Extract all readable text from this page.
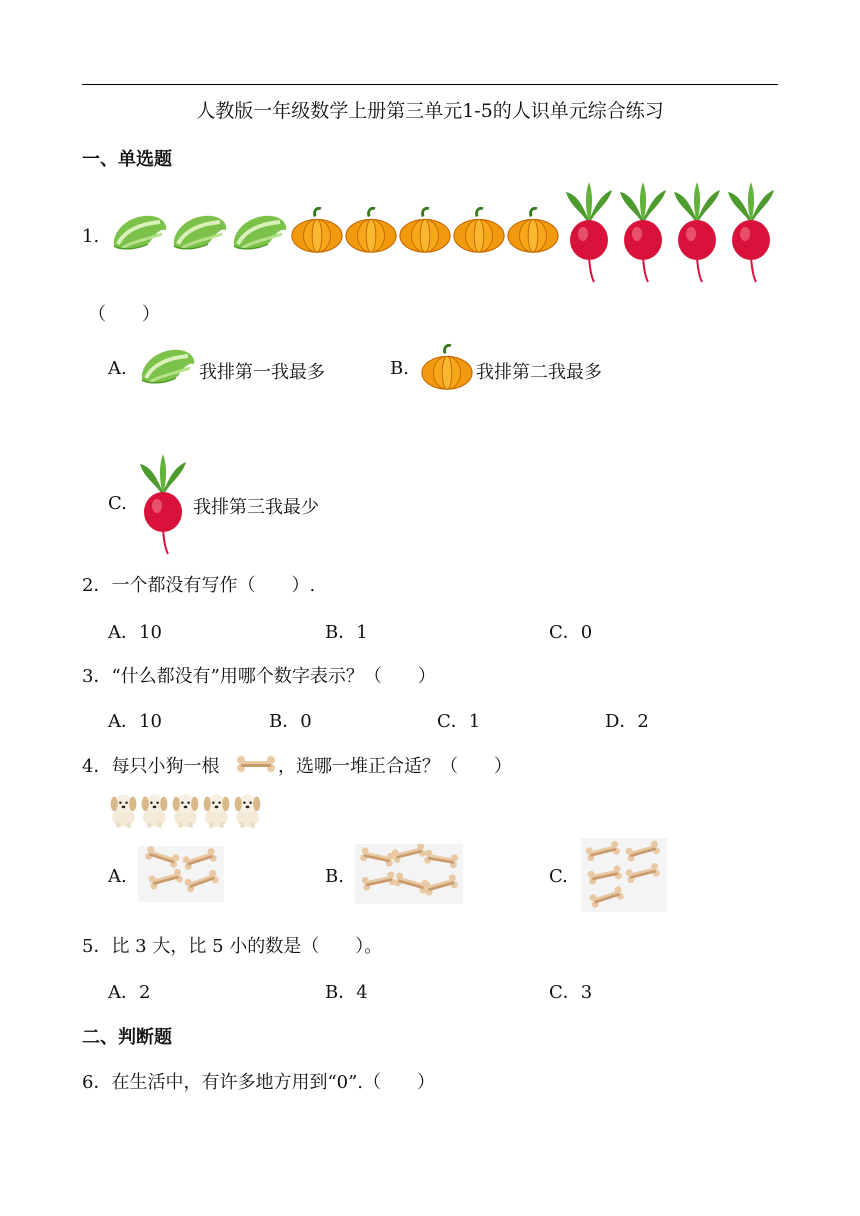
人教版一年级数学上册第三单元1-5的人识单元综合练习
一、单选题
1.
（　　）
A.	我排第一我最多	B.	我排第二我最多
C.	我排第三我最少
2．一个都没有写作（　　）.
A．10	B．1	C．0
3．“什么都没有”用哪个数字表示？（　　）
A．10	B．0	C．1	D．2
4．每只小狗一根	，选哪一堆正合适？（　　）
A.	B.	C.
5．比 3 大，比 5 小的数是（　　）。
A．2	B．4	C．3
二、判断题
6．在生活中，有许多地方用到“0”.（　　）
